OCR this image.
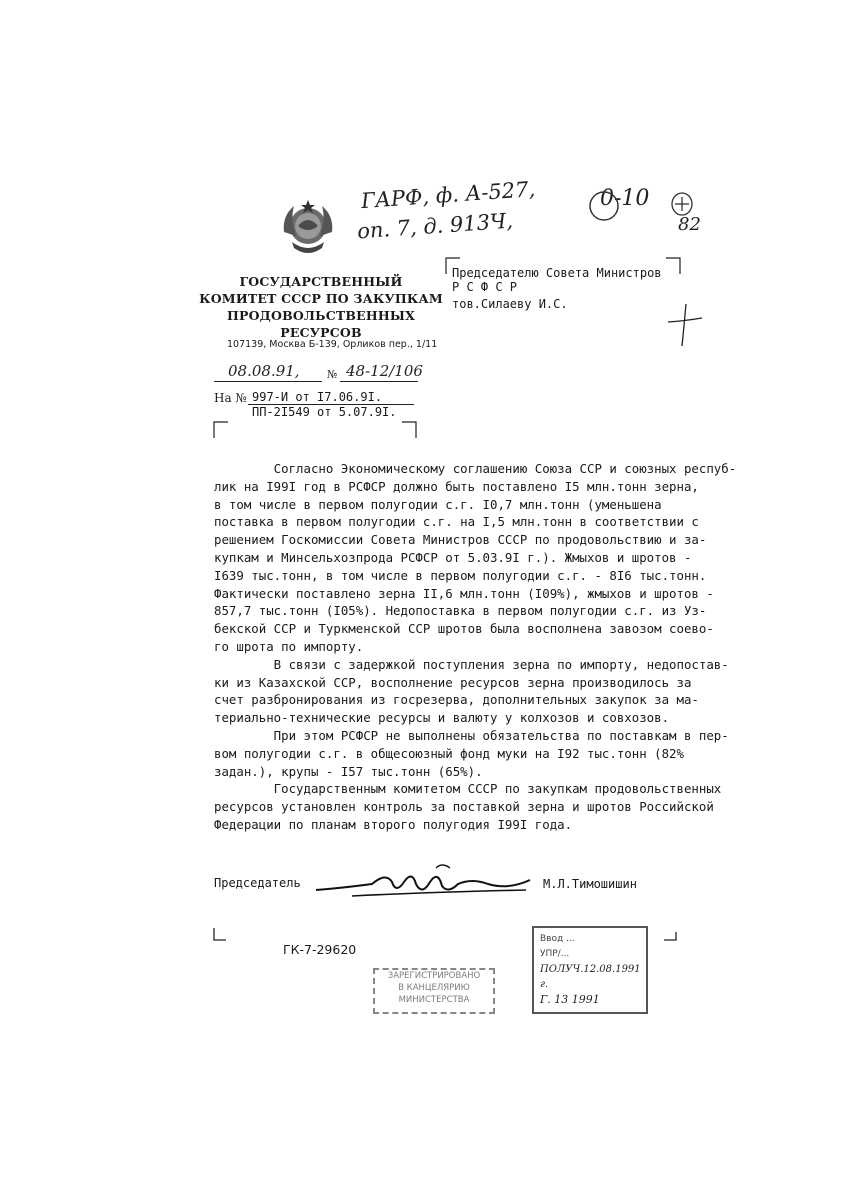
ГАРФ, ф. А-527,
оп. 7, д. 913Ч,
0-10
82
ГОСУДАРСТВЕННЫЙ
КОМИТЕТ СССР ПО ЗАКУПКАМ
ПРОДОВОЛЬСТВЕННЫХ РЕСУРСОВ
107139, Москва Б-139, Орликов пер., 1/11
08.08.91, № 48-12/106
На № 997-И от I7.06.9I.
ПП-2I549 от 5.07.9I.
Председателю Совета Министров
Р С Ф С Р
тов.Силаеву И.С.

Согласно Экономическому соглашению Союза ССР и союзных респуб-

лик на I99I год в РСФСР должно быть поставлено I5 млн.тонн зерна,

в том числе в первом полугодии с.г. I0,7 млн.тонн (уменьшена

поставка в первом полугодии с.г. на I,5 млн.тонн в соответствии с

решением Госкомиссии Совета Министров СССР по продовольствию и за-

купкам и Минсельхозпрода РСФСР от 5.03.9I г.). Жмыхов и шротов -

I639 тыс.тонн, в том числе в первом полугодии с.г. - 8I6 тыс.тонн.

Фактически поставлено зерна II,6 млн.тонн (I09%), жмыхов и шротов -

857,7 тыс.тонн (I05%). Недопоставка в первом полугодии с.г. из Уз-

бекской ССР и Туркменской ССР шротов была восполнена завозом соево-

го шрота по импорту.

В связи с задержкой поступления зерна по импорту, недопостав-

ки из Казахской ССР, восполнение ресурсов зерна производилось за

счет разбронирования из госрезерва, дополнительных закупок за ма-

териально-технические ресурсы и валюту у колхозов и совхозов.

При этом РСФСР не выполнены обязательства по поставкам в пер-

вом полугодии с.г. в общесоюзный фонд муки на I92 тыс.тонн (82%

задан.), крупы - I57 тыс.тонн (65%).

Государственным комитетом СССР по закупкам продовольственных

ресурсов установлен контроль за поставкой зерна и шротов Российской

Федерации по планам второго полугодия I99I года.

Председатель	М.Л.Тимошишин
ГК-7-29620
ЗАРЕГИСТРИРОВАНО
В КАНЦЕЛЯРИЮ
МИНИСТЕРСТВА
Ввод ...
УПР/...
ПОЛУЧ.12.08.1991 г.
Г. 13 1991
